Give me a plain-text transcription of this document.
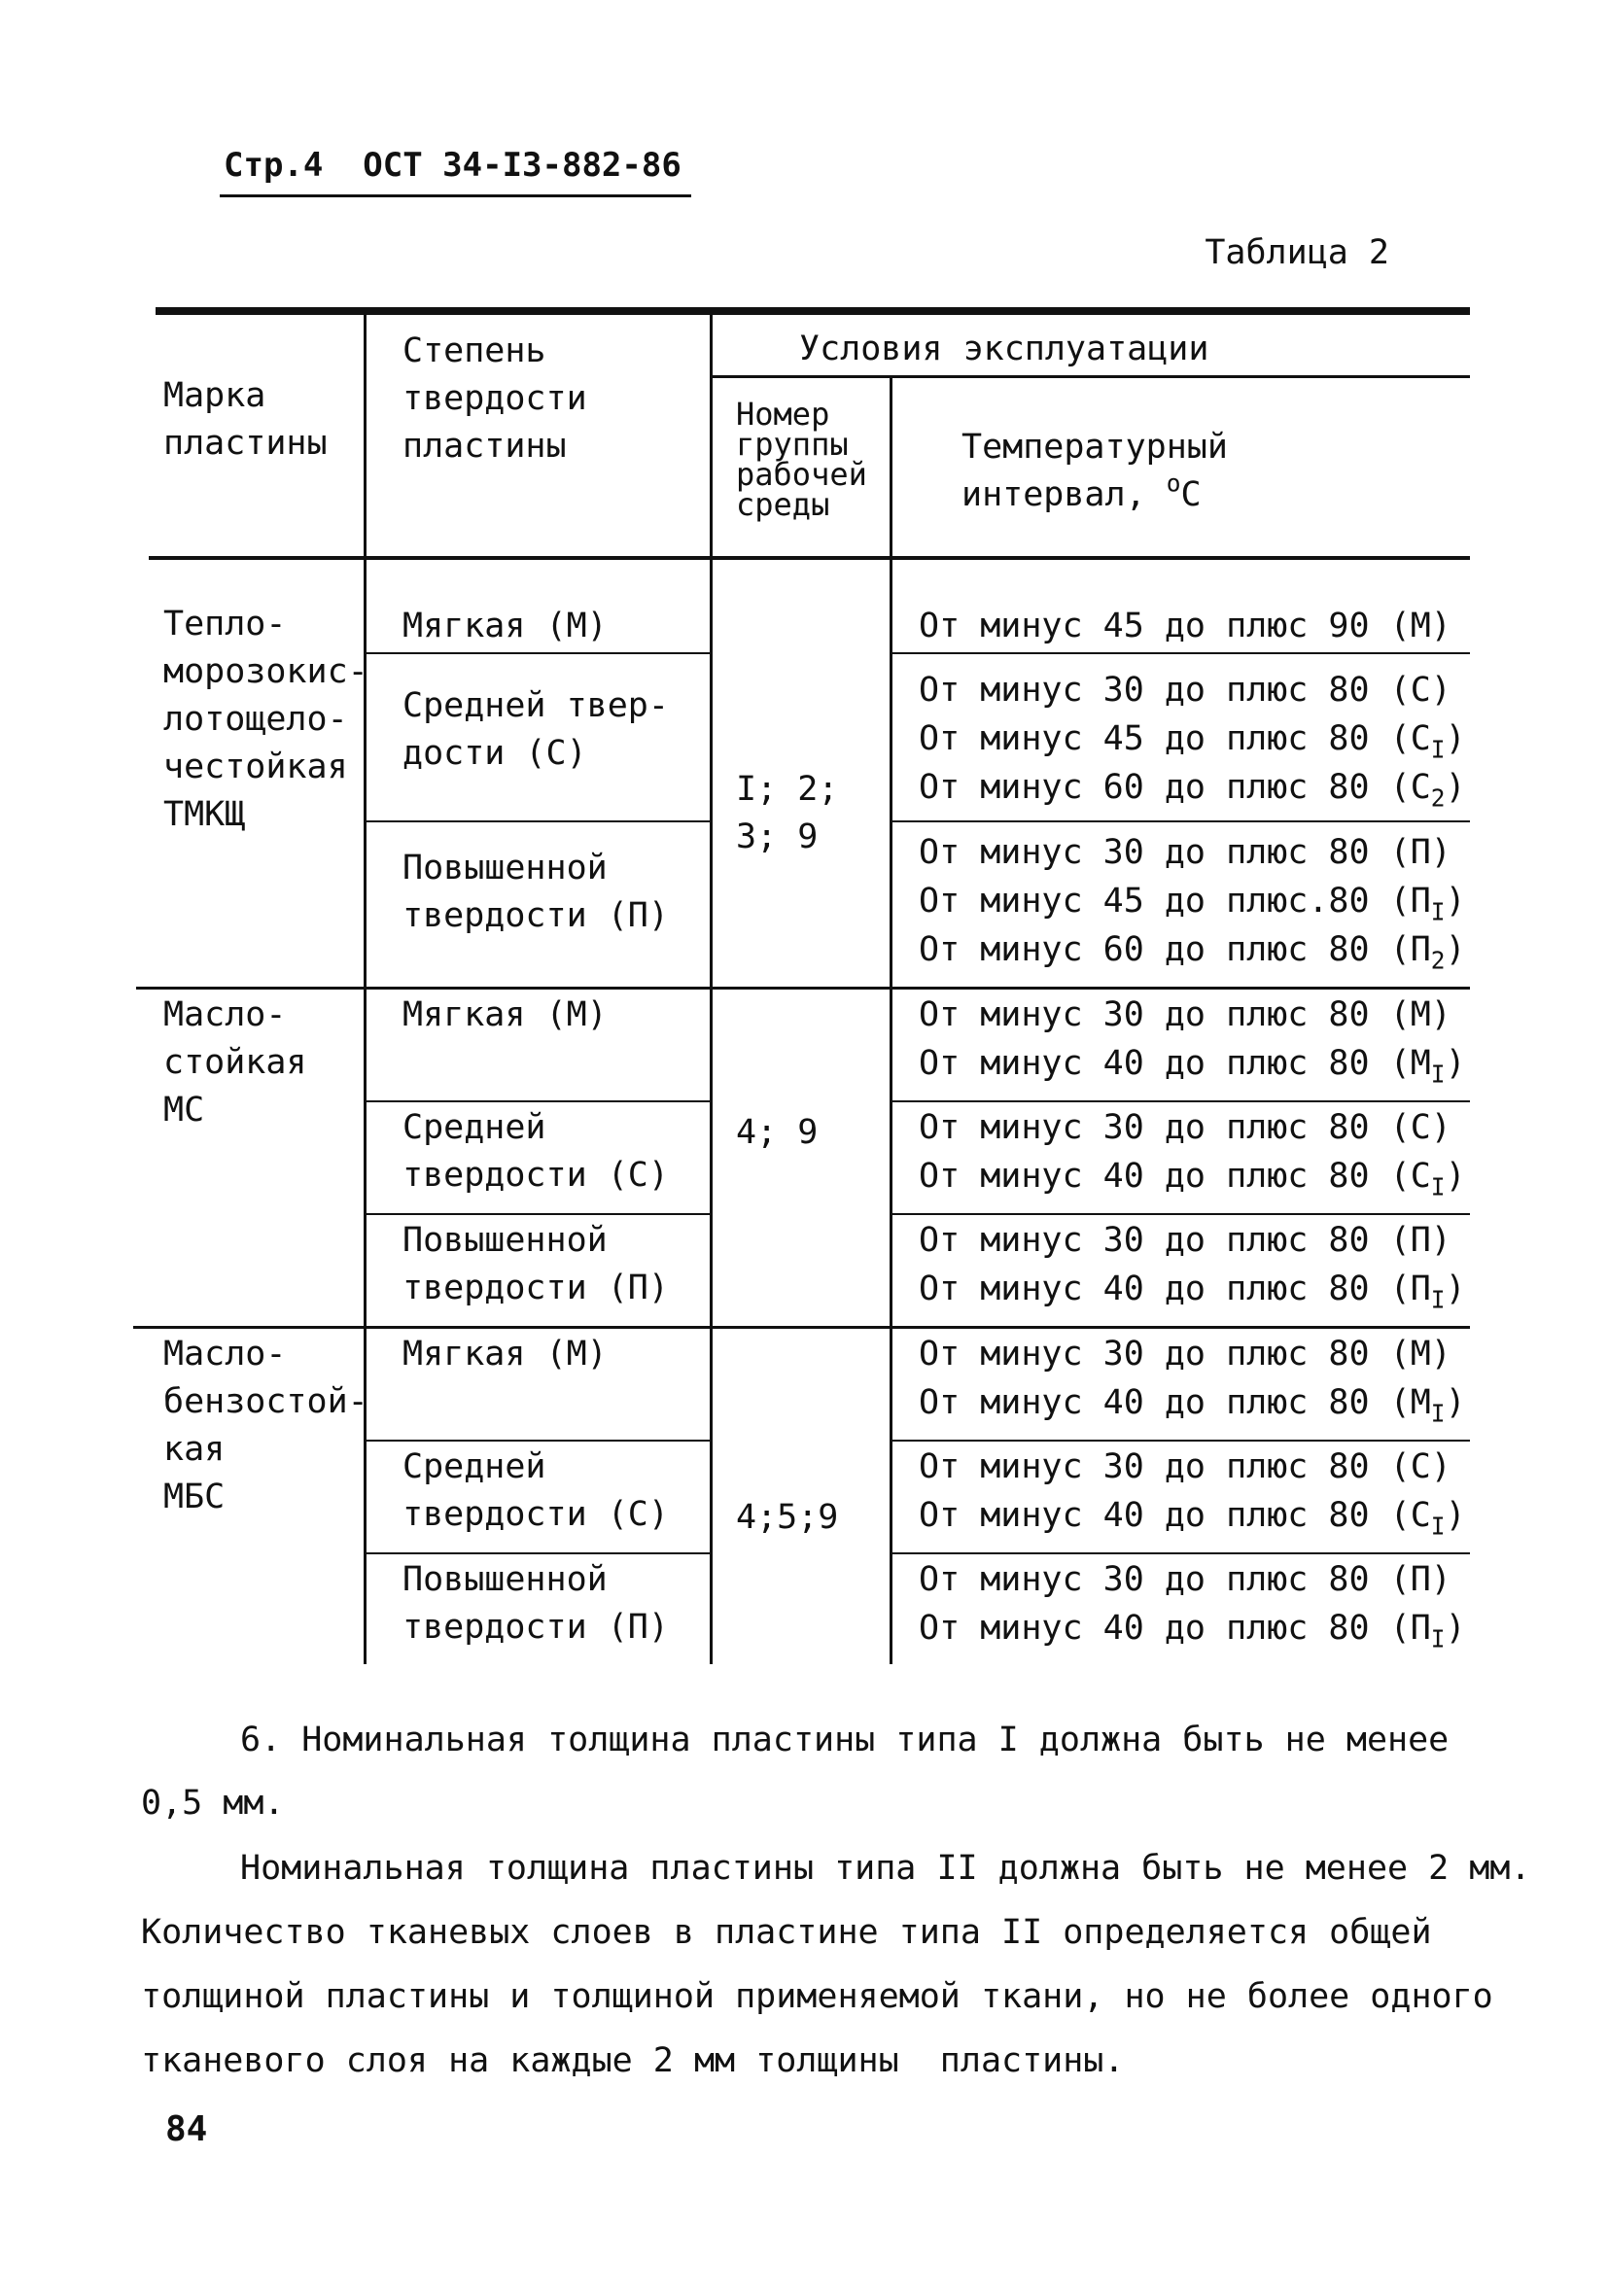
Стр.4  ОСТ 34-I3-882-86
Таблица 2
Марка
пластины
Степень
твердости
пластины
Условия эксплуатации
Номер
группы
рабочей
среды
Температурный
интервал, $^о$С
Тепло-
морозокис-
лотощело-
честойкая
ТМКЩ
Масло-
стойкая
МС
Масло-
бензостой-
кая
МБС
Мягкая (М)
Средней твер-
дости (С)
Повышенной
твердости (П)
Мягкая (М)
Средней
твердости (С)
Повышенной
твердости (П)
Мягкая (М)
Средней
твердости (С)
Повышенной
твердости (П)
I; 2;
3; 9
4; 9
4;5;9
От минус 45 до плюс 90 (М)
От минус 30 до плюс 80 (С)
От минус 45 до плюс 80 $(С_I)$
От минус 60 до плюс 80 $(С_2)$
От минус 30 до плюс 80 (П)
От минус 45 до плюс.80 $(П_I)$
От минус 60 до плюс 80 $(П_2)$
От минус 30 до плюс 80 (М)
От минус 40 до плюс 80 $(М_I)$
От минус 30 до плюс 80 (С)
От минус 40 до плюс 80 $(С_I)$
От минус 30 до плюс 80 (П)
От минус 40 до плюс 80 $(П_I)$
От минус 30 до плюс 80 (М)
От минус 40 до плюс 80 $(М_I)$
От минус 30 до плюс 80 (С)
От минус 40 до плюс 80 $(С_I)$
От минус 30 до плюс 80 (П)
От минус 40 до плюс 80 $(П_I)$
6. Номинальная толщина пластины типа I должна быть не менее
0,5 мм.
Номинальная толщина пластины типа II должна быть не менее 2 мм.
Количество тканевых слоев в пластине типа II определяется общей
толщиной пластины и толщиной применяемой ткани, но не более одного
тканевого слоя на каждые 2 мм толщины  пластины.
84
